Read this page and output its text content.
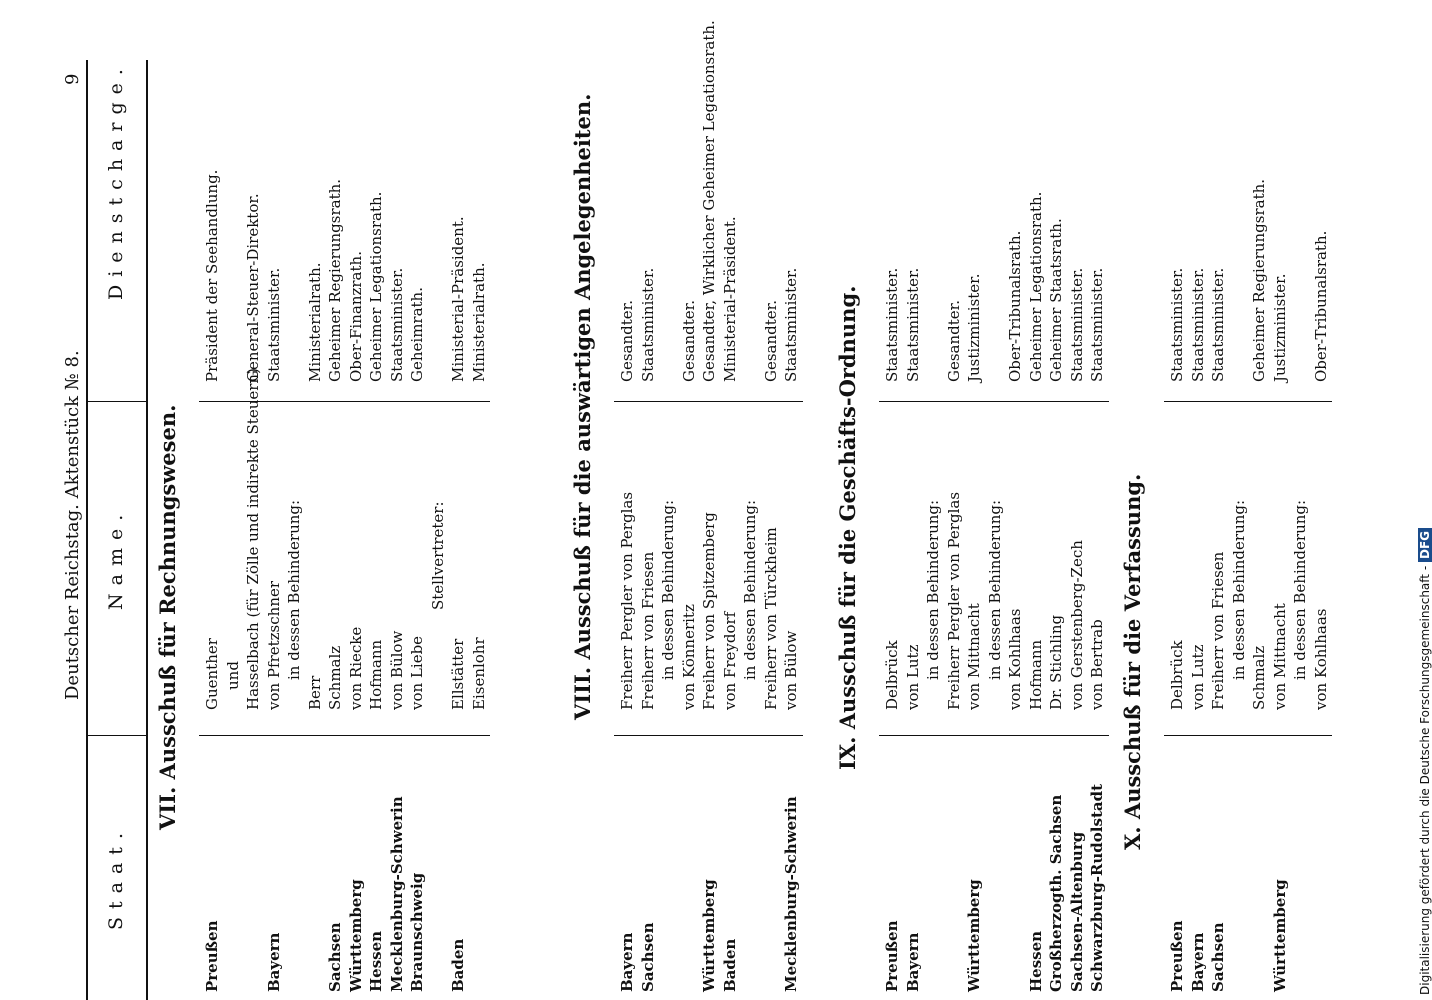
Deutscher Reichstag. Aktenstück № 8.
9
Staat.
Name.
Dienstcharge.
VII. Ausschuß für Rechnungswesen.
Preußen
Guenther
Präsident der Seehandlung.
und Hasselbach (für Zölle und indirekte Steuern)
General-Steuer-Direktor.
Bayern
von Pfretzschner
Staatsminister.
in dessen Behinderung:
Berr
Ministerialrath.
Sachsen
Schmalz
Geheimer Regierungsrath.
Württemberg
von Riecke
Ober-Finanzrath.
Hessen
Hofmann
Geheimer Legationsrath.
Mecklenburg-Schwerin
von Bülow
Staatsminister.
Braunschweig
von Liebe
Geheimrath.
Stellvertreter:
Baden
Ellstätter
Ministerial-Präsident.
Eisenlohr
Ministerialrath.	VIII. Ausschuß für die auswärtigen Angelegenheiten.
Bayern
Freiherr Pergler von Perglas
Gesandter.
Sachsen
Freiherr von Friesen
Staatsminister.
in dessen Behinderung: von Könneritz
Gesandter.
Württemberg
Freiherr von Spitzemberg
Gesandter, Wirklicher Geheimer Legationsrath.
Baden
von Freydorf
Ministerial-Präsident.
in dessen Behinderung: Freiherr von Türckheim
Gesandter.
Mecklenburg-Schwerin
von Bülow
Staatsminister. IX. Ausschuß für die Geschäfts-Ordnung.
Preußen
Delbrück
Staatsminister.
Bayern
von Lutz
Staatsminister.
in dessen Behinderung: Freiherr Pergler von Perglas
Gesandter.
Württemberg
von Mittnacht
Justizminister.
in dessen Behinderung: von Kohlhaas
Ober-Tribunalsrath.
Hessen
Hofmann
Geheimer Legationsrath.
Großherzogth. Sachsen
Dr. Stichling
Geheimer Staatsrath.
Sachsen-Altenburg
von Gerstenberg-Zech
Staatsminister.
Schwarzburg-Rudolstadt
von Bertrab
Staatsminister.
X. Ausschuß für die Verfassung.
Preußen
Delbrück
Staatsminister.
Bayern
von Lutz
Staatsminister.
Sachsen
Freiherr von Friesen
Staatsminister.
in dessen Behinderung: Schmalz
Geheimer Regierungsrath.
Württemberg
von Mittnacht
Justizminister.
in dessen Behinderung: von Kohlhaas
Ober-Tribunalsrath.
Digitalisierung gefördert durch die Deutsche Forschungsgemeinschaft - DFG
